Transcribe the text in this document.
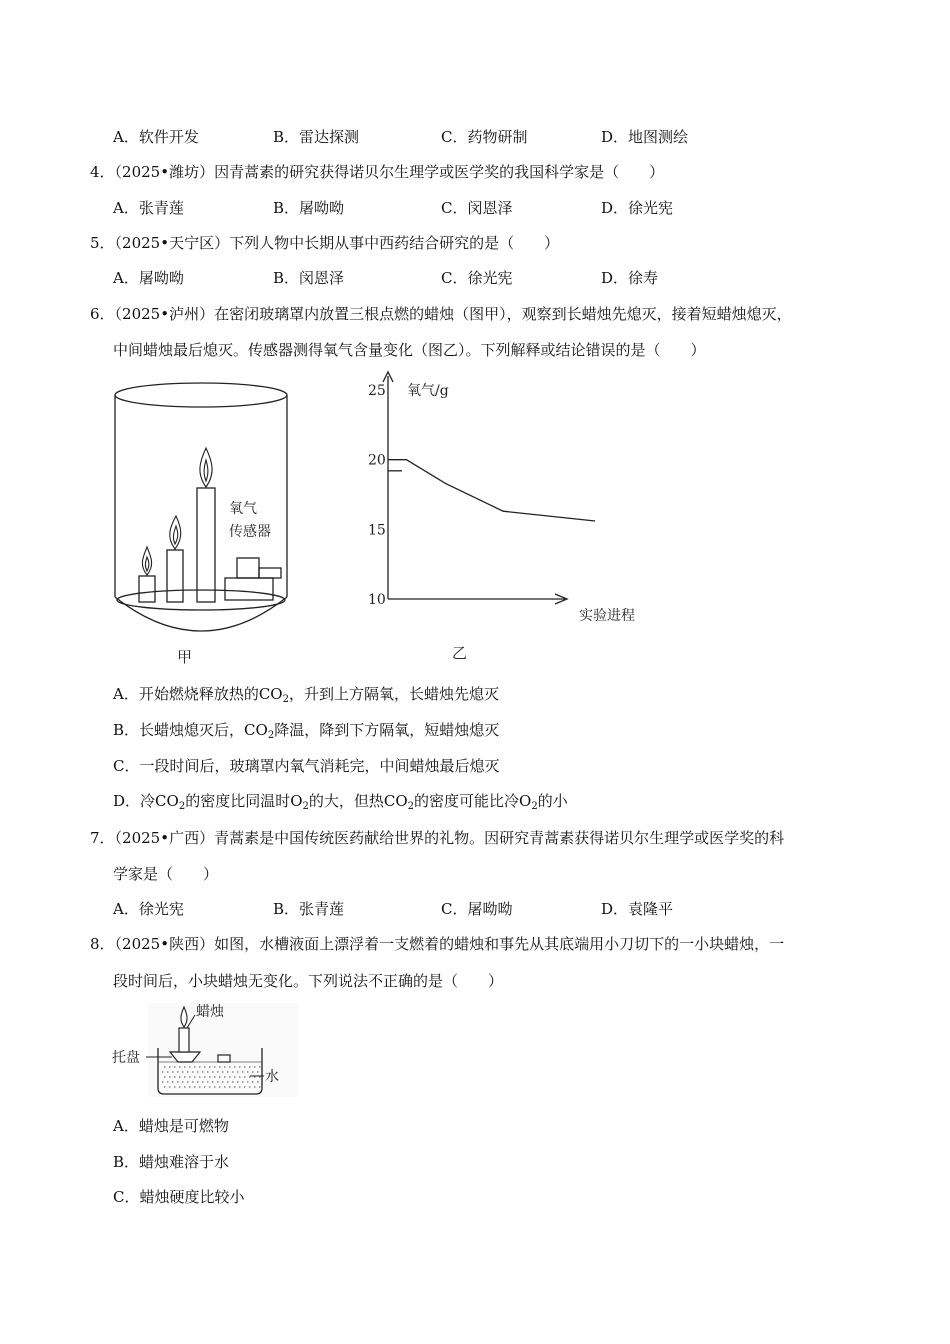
A．软件开发	B．雷达探测	C．药物研制	D．地图测绘
4．（2025•潍坊）因青蒿素的研究获得诺贝尔生理学或医学奖的我国科学家是（　　）
A．张青莲	B．屠呦呦	C．闵恩泽	D．徐光宪
5．（2025•天宁区）下列人物中长期从事中西药结合研究的是（　　）
A．屠呦呦	B．闵恩泽	C．徐光宪	D．徐寿
6．（2025•泸州）在密闭玻璃罩内放置三根点燃的蜡烛（图甲），观察到长蜡烛先熄灭，接着短蜡烛熄灭，
中间蜡烛最后熄灭。传感器测得氧气含量变化（图乙）。下列解释或结论错误的是（　　）
氧气
传感器
甲
25
20
15
10
氧气/g
实验进程
乙
A．开始燃烧释放热的$CO_2$，升到上方隔氧，长蜡烛先熄灭
B．长蜡烛熄灭后，$CO_2$降温，降到下方隔氧，短蜡烛熄灭
C．一段时间后，玻璃罩内氧气消耗完，中间蜡烛最后熄灭
D．冷$CO_2$的密度比同温时$O_2$的大，但热$CO_2$的密度可能比冷$O_2$的小
7．（2025•广西）青蒿素是中国传统医药献给世界的礼物。因研究青蒿素获得诺贝尔生理学或医学奖的科
学家是（　　）
A．徐光宪	B．张青莲	C．屠呦呦	D．袁隆平
8．（2025•陕西）如图，水槽液面上漂浮着一支燃着的蜡烛和事先从其底端用小刀切下的一小块蜡烛，一
段时间后，小块蜡烛无变化。下列说法不正确的是（　　）
蜡烛
托盘
水
A．蜡烛是可燃物
B．蜡烛难溶于水
C．蜡烛硬度比较小
